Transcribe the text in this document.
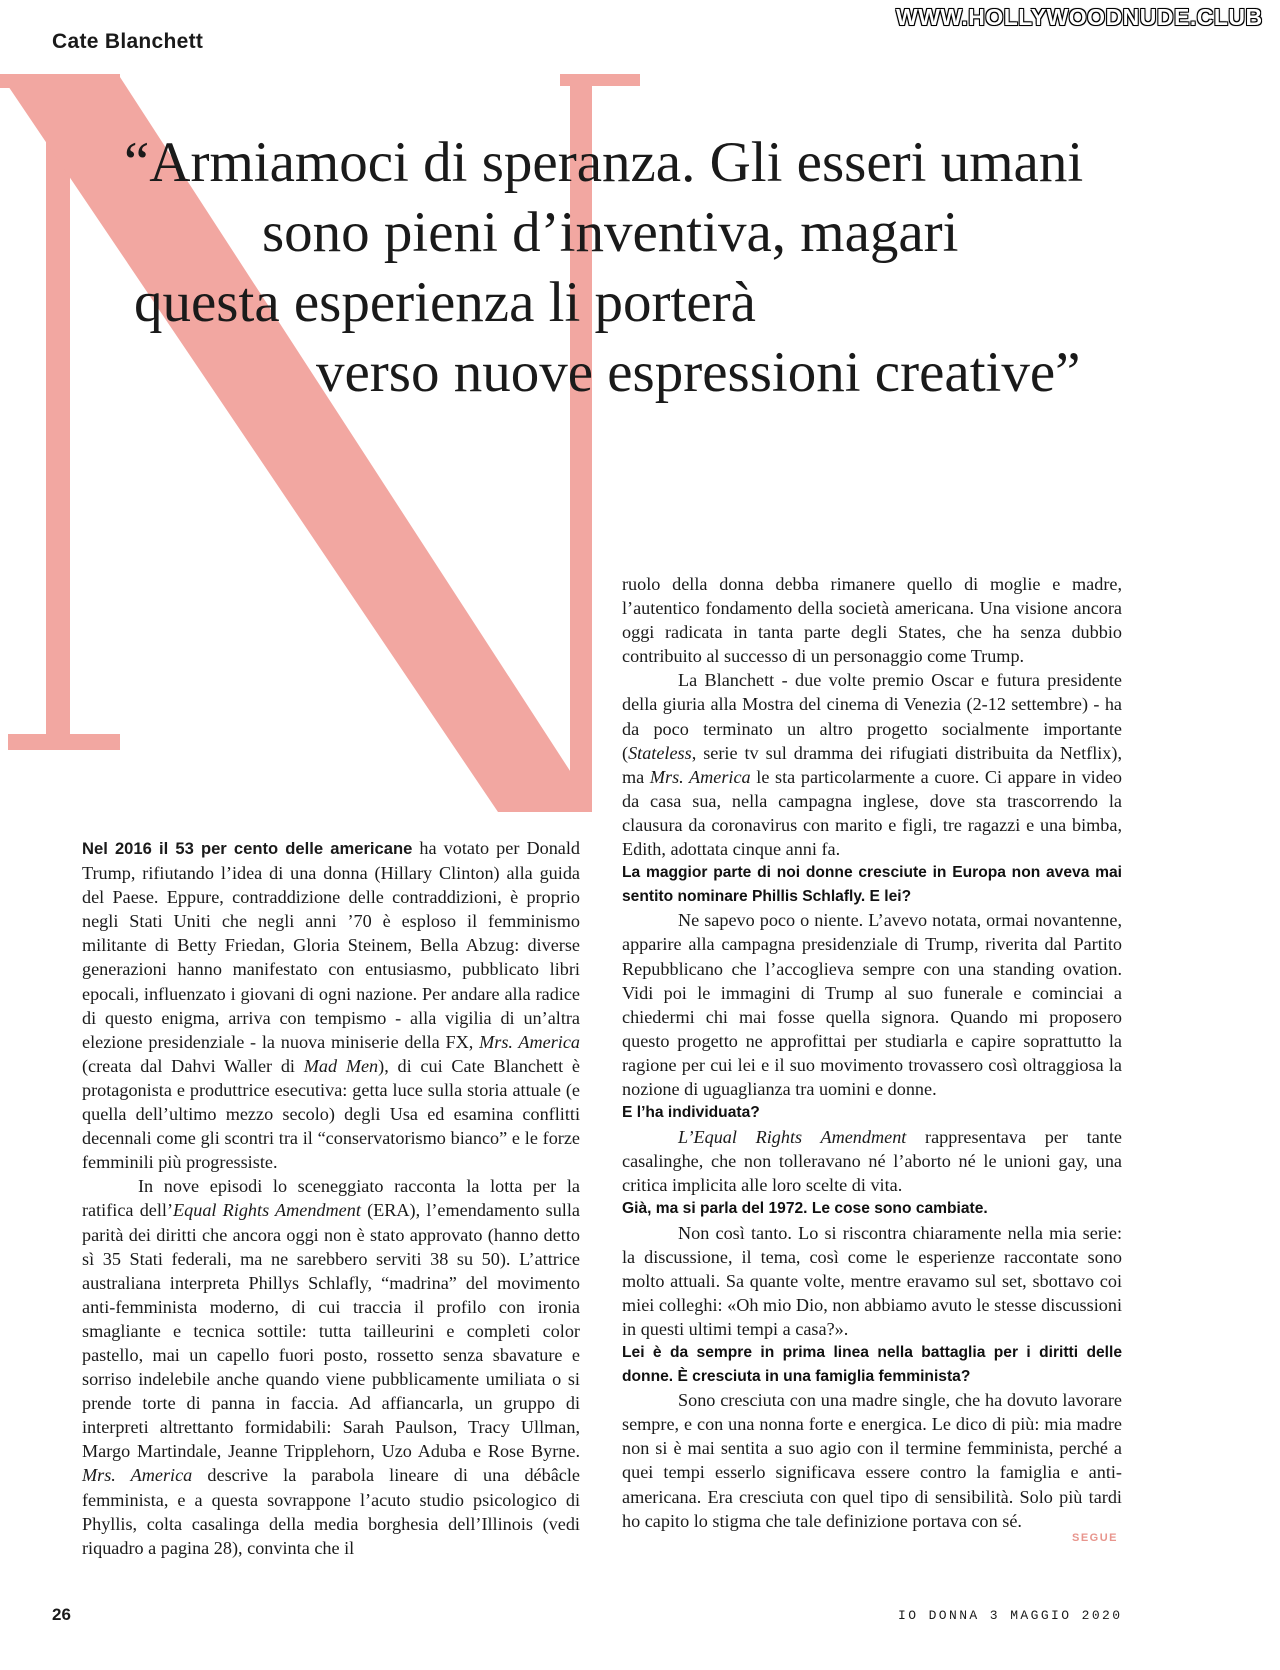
Cate Blanchett
WWW.HOLLYWOODNUDE.CLUB
“Armiamoci di speranza. Gli esseri umani
sono pieni d’inventiva, magari
questa esperienza li porterà
verso nuove espressioni creative”

Nel 2016 il 53 per cento delle americane ha votato per Donald Trump, rifiutando l’idea di una donna (Hillary Clinton) alla guida del Paese. Eppure, contraddizione delle contraddizioni, è proprio negli Stati Uniti che negli anni ’70 è esploso il femminismo militante di Betty Friedan, Gloria Steinem, Bella Abzug: diverse generazioni hanno manifestato con entusiasmo, pubblicato libri epocali, influenzato i giovani di ogni nazione. Per andare alla radice di questo enigma, arriva con tempismo - alla vigilia di un’altra elezione presidenziale - la nuova miniserie della FX, Mrs. America (creata dal Dahvi Waller di Mad Men), di cui Cate Blanchett è protagonista e produttrice esecutiva: getta luce sulla storia attuale (e quella dell’ultimo mezzo secolo) degli Usa ed esamina conflitti decennali come gli scontri tra il “conservatorismo bianco” e le forze femminili più progressiste.

In nove episodi lo sceneggiato racconta la lotta per la ratifica dell’Equal Rights Amendment (ERA), l’emendamento sulla parità dei diritti che ancora oggi non è stato approvato (hanno detto sì 35 Stati federali, ma ne sarebbero serviti 38 su 50). L’attrice australiana interpreta Phillys Schlafly, “madrina” del movimento anti-femminista moderno, di cui traccia il profilo con ironia smagliante e tecnica sottile: tutta tailleurini e completi color pastello, mai un capello fuori posto, rossetto senza sbavature e sorriso indelebile anche quando viene pubblicamente umiliata o si prende torte di panna in faccia. Ad affiancarla, un gruppo di interpreti altrettanto formidabili: Sarah Paulson, Tracy Ullman, Margo Martindale, Jeanne Tripplehorn, Uzo Aduba e Rose Byrne. Mrs. America descrive la parabola lineare di una débâcle femminista, e a questa sovrappone l’acuto studio psicologico di Phyllis, colta casalinga della media borghesia dell’Illinois (vedi riquadro a pagina 28), convinta che il

ruolo della donna debba rimanere quello di moglie e madre, l’autentico fondamento della società americana. Una visione ancora oggi radicata in tanta parte degli States, che ha senza dubbio contribuito al successo di un personaggio come Trump.

La Blanchett - due volte premio Oscar e futura presidente della giuria alla Mostra del cinema di Venezia (2-12 settembre) - ha da poco terminato un altro progetto socialmente importante (Stateless, serie tv sul dramma dei rifugiati distribuita da Netflix), ma Mrs. America le sta particolarmente a cuore. Ci appare in video da casa sua, nella campagna inglese, dove sta trascorrendo la clausura da coronavirus con marito e figli, tre ragazzi e una bimba, Edith, adottata cinque anni fa.

La maggior parte di noi donne cresciute in Europa non aveva mai sentito nominare Phillis Schlafly. E lei?

Ne sapevo poco o niente. L’avevo notata, ormai novantenne, apparire alla campagna presidenziale di Trump, riverita dal Partito Repubblicano che l’accoglieva sempre con una standing ovation. Vidi poi le immagini di Trump al suo funerale e cominciai a chiedermi chi mai fosse quella signora. Quando mi proposero questo progetto ne approfittai per studiarla e capire soprattutto la ragione per cui lei e il suo movimento trovassero così oltraggiosa la nozione di uguaglianza tra uomini e donne.

E l’ha individuata?

L’Equal Rights Amendment rappresentava per tante casalinghe, che non tolleravano né l’aborto né le unioni gay, una critica implicita alle loro scelte di vita.

Già, ma si parla del 1972. Le cose sono cambiate.

Non così tanto. Lo si riscontra chiaramente nella mia serie: la discussione, il tema, così come le esperienze raccontate sono molto attuali. Sa quante volte, mentre eravamo sul set, sbottavo coi miei colleghi: «Oh mio Dio, non abbiamo avuto le stesse discussioni in questi ultimi tempi a casa?».

Lei è da sempre in prima linea nella battaglia per i diritti delle donne. È cresciuta in una famiglia femminista?

Sono cresciuta con una madre single, che ha dovuto lavorare sempre, e con una nonna forte e energica. Le dico di più: mia madre non si è mai sentita a suo agio con il termine femminista, perché a quei tempi esserlo significava essere contro la famiglia e anti-americana. Era cresciuta con quel tipo di sensibilità. Solo più tardi ho capito lo stigma che tale definizione portava con sé.

SEGUE
26	IO DONNA 3 MAGGIO 2020
